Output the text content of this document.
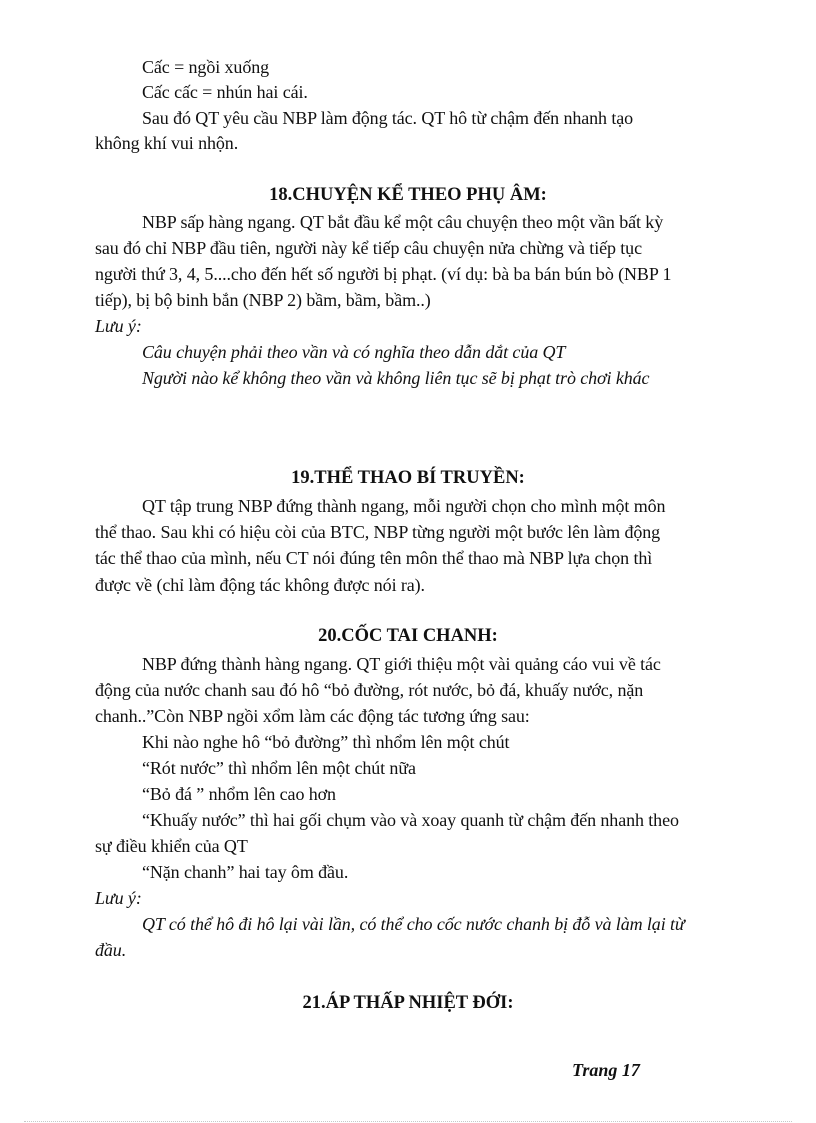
Cấc = ngồi xuống
Cấc cấc = nhún hai cái.
Sau đó QT yêu cầu NBP làm động tác. QT hô từ chậm đến nhanh tạo
không khí vui nhộn.
18.CHUYỆN KỂ THEO PHỤ ÂM:
NBP sấp hàng ngang. QT bắt đầu kể một câu chuyện theo một vần bất kỳ
sau đó chỉ NBP đầu tiên, người này kể tiếp câu chuyện nửa chừng và tiếp tục
người thứ 3, 4, 5....cho đến hết số người bị phạt. (ví dụ: bà ba bán bún bò (NBP 1
tiếp), bị bộ binh bắn (NBP 2) bầm, bầm, bầm..)
Lưu ý:
Câu chuyện phải theo vần và có nghĩa theo dẫn dắt của QT
Người nào kể không theo vần và không liên tục sẽ bị phạt trò chơi khác
19.THỂ THAO BÍ TRUYỀN:
QT tập trung NBP đứng thành ngang, mỗi người chọn cho mình một môn
thể thao. Sau khi có hiệu còi của BTC, NBP từng người một bước lên làm động
tác thể thao của mình, nếu CT nói đúng tên môn thể thao mà NBP lựa chọn thì
được về (chỉ làm động tác không được nói ra).
20.CỐC TAI CHANH:
NBP đứng thành hàng ngang. QT giới thiệu một vài quảng cáo vui về tác
động của nước chanh sau đó hô “bỏ đường, rót nước, bỏ đá, khuấy nước, nặn
chanh..”Còn NBP ngồi xổm làm các động tác tương ứng sau:
Khi nào nghe hô “bỏ đường” thì nhổm lên một chút
“Rót nước” thì nhổm lên một chút nữa
“Bỏ đá ” nhổm lên cao hơn
“Khuấy nước” thì hai gối chụm vào và xoay quanh từ chậm đến nhanh theo
sự điều khiển của QT
“Nặn chanh” hai tay ôm đầu.
Lưu ý:
QT có thể hô đi hô lại vài lần, có thể cho cốc nước chanh bị đỗ và làm lại từ
đầu.
21.ÁP THẤP NHIỆT ĐỚI:
Trang 17
